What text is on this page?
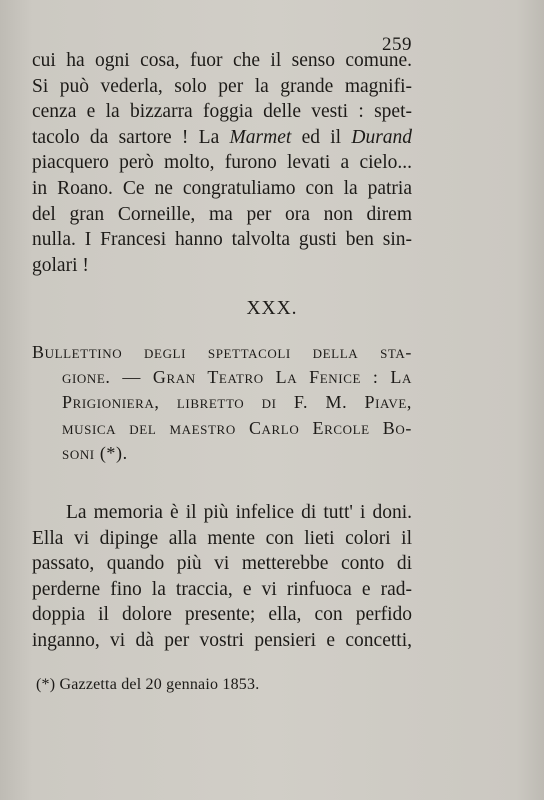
259

cui ha ogni cosa, fuor che il senso comune.
Si può vederla, solo per la grande magnifi-
cenza e la bizzarra foggia delle vesti : spet-
tacolo da sartore ! La Marmet ed il Durand
piacquero però molto, furono levati a cielo...
in Roano. Ce ne congratuliamo con la patria
del gran Corneille, ma per ora non direm
nulla. I Francesi hanno talvolta gusti ben sin-
golari !

XXX.
Bullettino degli spettacoli della sta-
gione. — Gran Teatro La Fenice : La
Prigioniera, libretto di F. M. Piave,
musica del maestro Carlo Ercole Bo-
soni (*).

La memoria è il più infelice di tutt' i doni.
Ella vi dipinge alla mente con lieti colori il
passato, quando più vi metterebbe conto di
perderne fino la traccia, e vi rinfuoca e rad-
doppia il dolore presente; ella, con perfido
inganno, vi dà per vostri pensieri e concetti,

(*) Gazzetta del 20 gennaio 1853.
